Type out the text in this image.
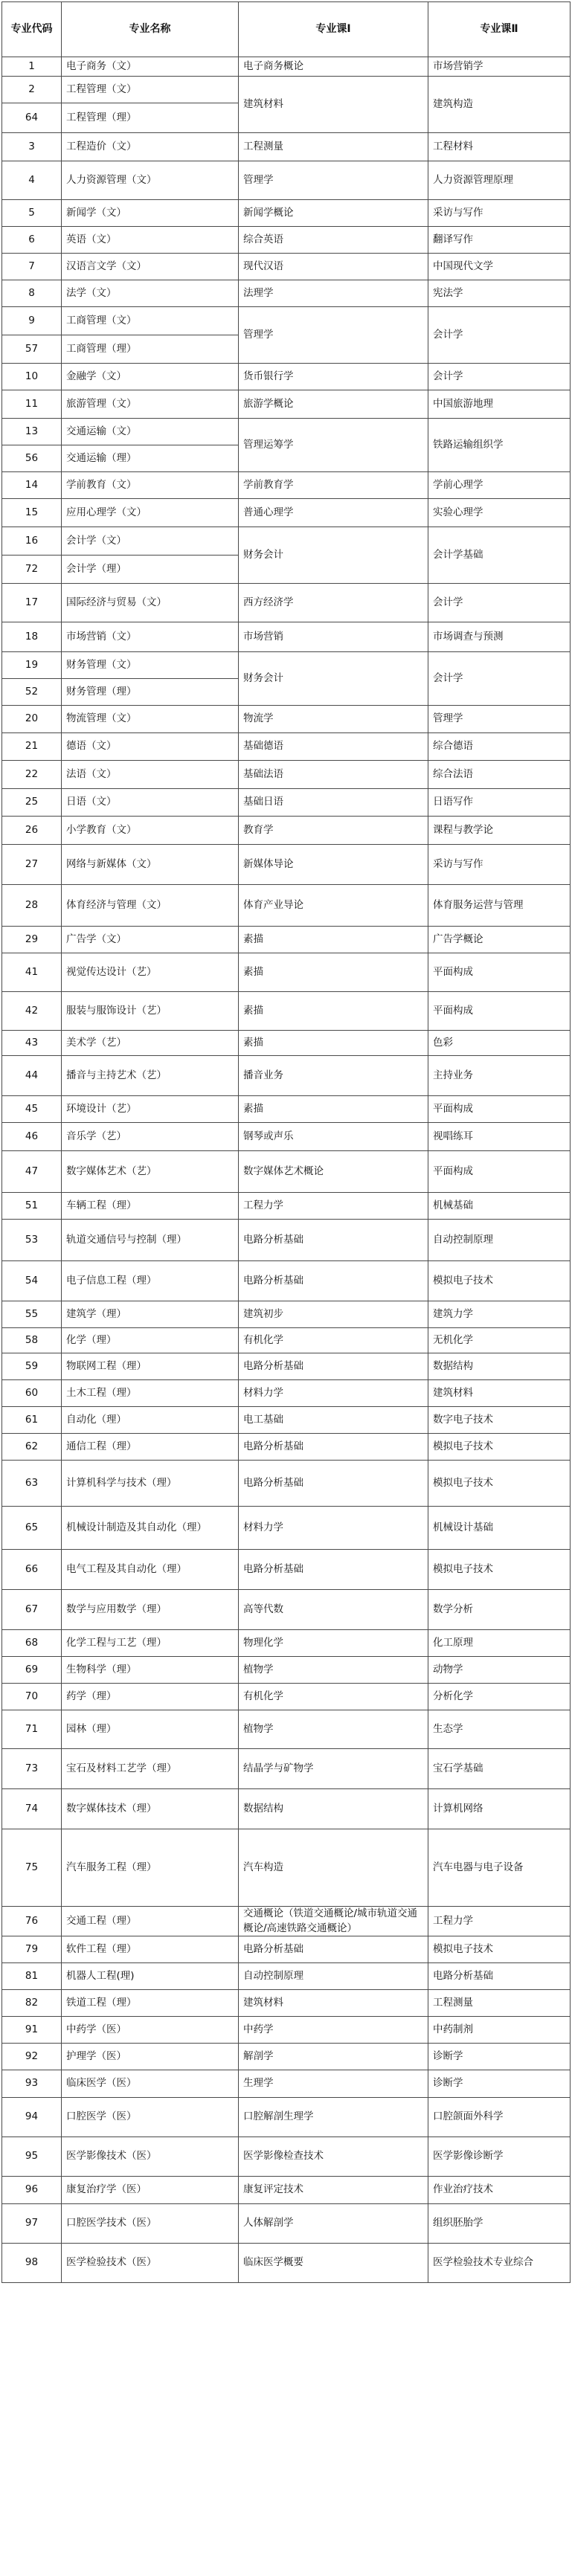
专业代码	专业名称	专业课Ⅰ	专业课Ⅱ
1	电子商务（文）	电子商务概论	市场营销学
2	工程管理（文）	建筑材料	建筑构造
64	工程管理（理）		
3	工程造价（文）	工程测量	工程材料
4	人力资源管理（文）	管理学	人力资源管理原理
5	新闻学（文）	新闻学概论	采访与写作
6	英语（文）	综合英语	翻译写作
7	汉语言文学（文）	现代汉语	中国现代文学
8	法学（文）	法理学	宪法学
9	工商管理（文）	管理学	会计学
57	工商管理（理）		
10	金融学（文）	货币银行学	会计学
11	旅游管理（文）	旅游学概论	中国旅游地理
13	交通运输（文）	管理运筹学	铁路运输组织学
56	交通运输（理）		
14	学前教育（文）	学前教育学	学前心理学
15	应用心理学（文）	普通心理学	实验心理学
16	会计学（文）	财务会计	会计学基础
72	会计学（理）		
17	国际经济与贸易（文）	西方经济学	会计学
18	市场营销（文）	市场营销	市场调查与预测
19	财务管理（文）	财务会计	会计学
52	财务管理（理）		
20	物流管理（文）	物流学	管理学
21	德语（文）	基础德语	综合德语
22	法语（文）	基础法语	综合法语
25	日语（文）	基础日语	日语写作
26	小学教育（文）	教育学	课程与教学论
27	网络与新媒体（文）	新媒体导论	采访与写作
28	体育经济与管理（文）	体育产业导论	体育服务运营与管理
29	广告学（文）	素描	广告学概论
41	视觉传达设计（艺）	素描	平面构成
42	服装与服饰设计（艺）	素描	平面构成
43	美术学（艺）	素描	色彩
44	播音与主持艺术（艺）	播音业务	主持业务
45	环境设计（艺）	素描	平面构成
46	音乐学（艺）	钢琴或声乐	视唱练耳
47	数字媒体艺术（艺）	数字媒体艺术概论	平面构成
51	车辆工程（理）	工程力学	机械基础
53	轨道交通信号与控制（理）	电路分析基础	自动控制原理
54	电子信息工程（理）	电路分析基础	模拟电子技术
55	建筑学（理）	建筑初步	建筑力学
58	化学（理）	有机化学	无机化学
59	物联网工程（理）	电路分析基础	数据结构
60	土木工程（理）	材料力学	建筑材料
61	自动化（理）	电工基础	数字电子技术
62	通信工程（理）	电路分析基础	模拟电子技术
63	计算机科学与技术（理）	电路分析基础	模拟电子技术
65	机械设计制造及其自动化（理）	材料力学	机械设计基础
66	电气工程及其自动化（理）	电路分析基础	模拟电子技术
67	数学与应用数学（理）	高等代数	数学分析
68	化学工程与工艺（理）	物理化学	化工原理
69	生物科学（理）	植物学	动物学
70	药学（理）	有机化学	分析化学
71	园林（理）	植物学	生态学
73	宝石及材料工艺学（理）	结晶学与矿物学	宝石学基础
74	数字媒体技术（理）	数据结构	计算机网络
75	汽车服务工程（理）	汽车构造	汽车电器与电子设备
76	交通工程（理）	交通概论（铁道交通概论/城市轨道交通概论/高速铁路交通概论）	工程力学
79	软件工程（理）	电路分析基础	模拟电子技术
81	机器人工程(理)	自动控制原理	电路分析基础
82	铁道工程（理）	建筑材料	工程测量
91	中药学（医）	中药学	中药制剂
92	护理学（医）	解剖学	诊断学
93	临床医学（医）	生理学	诊断学
94	口腔医学（医）	口腔解剖生理学	口腔颌面外科学
95	医学影像技术（医）	医学影像检查技术	医学影像诊断学
96	康复治疗学（医）	康复评定技术	作业治疗技术
97	口腔医学技术（医）	人体解剖学	组织胚胎学
98	医学检验技术（医）	临床医学概要	医学检验技术专业综合
